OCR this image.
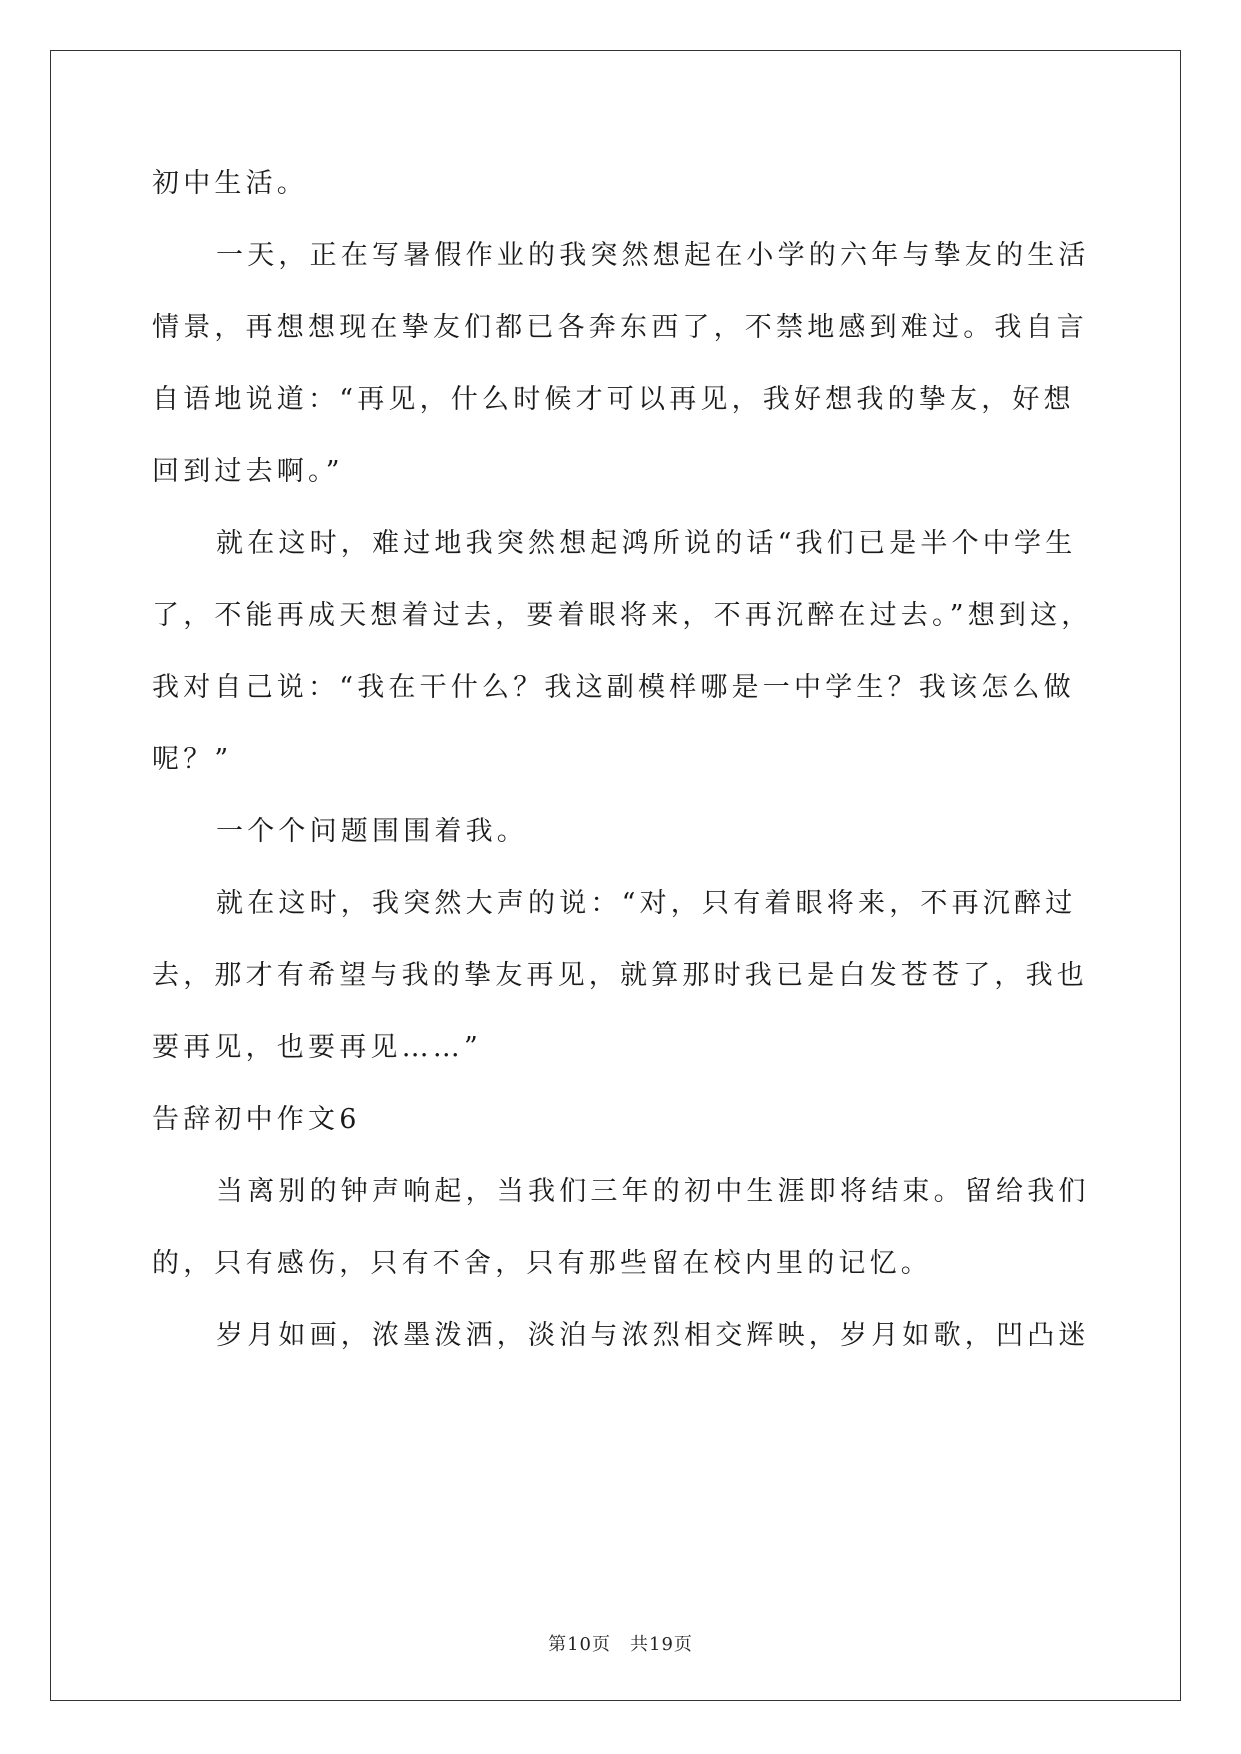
初中生活。
一天，正在写暑假作业的我突然想起在小学的六年与挚友的生活
情景，再想想现在挚友们都已各奔东西了，不禁地感到难过。我自言
自语地说道：“再见，什么时候才可以再见，我好想我的挚友，好想
回到过去啊。”
就在这时，难过地我突然想起鸿所说的话“我们已是半个中学生
了，不能再成天想着过去，要着眼将来，不再沉醉在过去。”想到这，
我对自己说：“我在干什么？我这副模样哪是一中学生？我该怎么做
呢？”
一个个问题围围着我。
就在这时，我突然大声的说：“对，只有着眼将来，不再沉醉过
去，那才有希望与我的挚友再见，就算那时我已是白发苍苍了，我也
要再见，也要再见……”
告辞初中作文6
当离别的钟声响起，当我们三年的初中生涯即将结束。留给我们
的，只有感伤，只有不舍，只有那些留在校内里的记忆。
岁月如画，浓墨泼洒，淡泊与浓烈相交辉映，岁月如歌，凹凸迷
第10页　共19页
